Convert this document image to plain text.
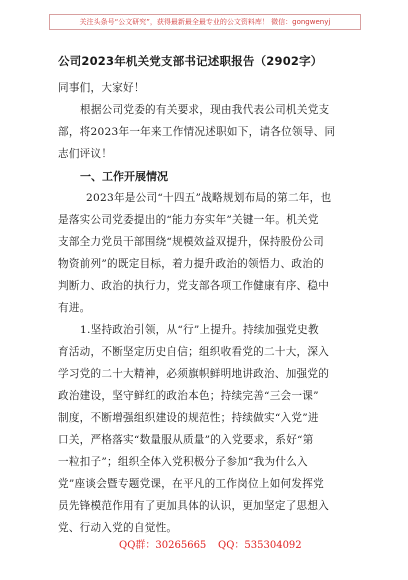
关注头条号“公文研究”，获得最新最全最专业的公文资料库！ 微信：gongwenyj
公司2023年机关党支部书记述职报告（2902字）
同事们，大家好！
根据公司党委的有关要求，现由我代表公司机关党支
部，将2023年一年来工作情况述职如下，请各位领导、同
志们评议！
一、工作开展情况
2023年是公司“十四五”战略规划布局的第二年，也
是落实公司党委提出的“能力夯实年”关键一年。机关党
支部全力党员干部围绕“规模效益双提升，保持股份公司
物资前列”的既定目标，着力提升政治的领悟力、政治的
判断力、政治的执行力，党支部各项工作健康有序、稳中
有进。
1.坚持政治引领，从“行”上提升。持续加强党史教
育活动，不断坚定历史自信；组织收看党的二十大，深入
学习党的二十大精神，必须旗帜鲜明地讲政治、加强党的
政治建设，坚守鲜红的政治本色；持续完善“三会一课”
制度，不断增强组织建设的规范性；持续做实“入党”进
口关，严格落实“数量服从质量”的入党要求，系好“第
一粒扣子”；组织全体入党积极分子参加“我为什么入
党”座谈会暨专题党课，在平凡的工作岗位上如何发挥党
员先锋模范作用有了更加具体的认识，更加坚定了思想入
党、行动入党的自觉性。
QQ群：30265665 QQ：535304092
